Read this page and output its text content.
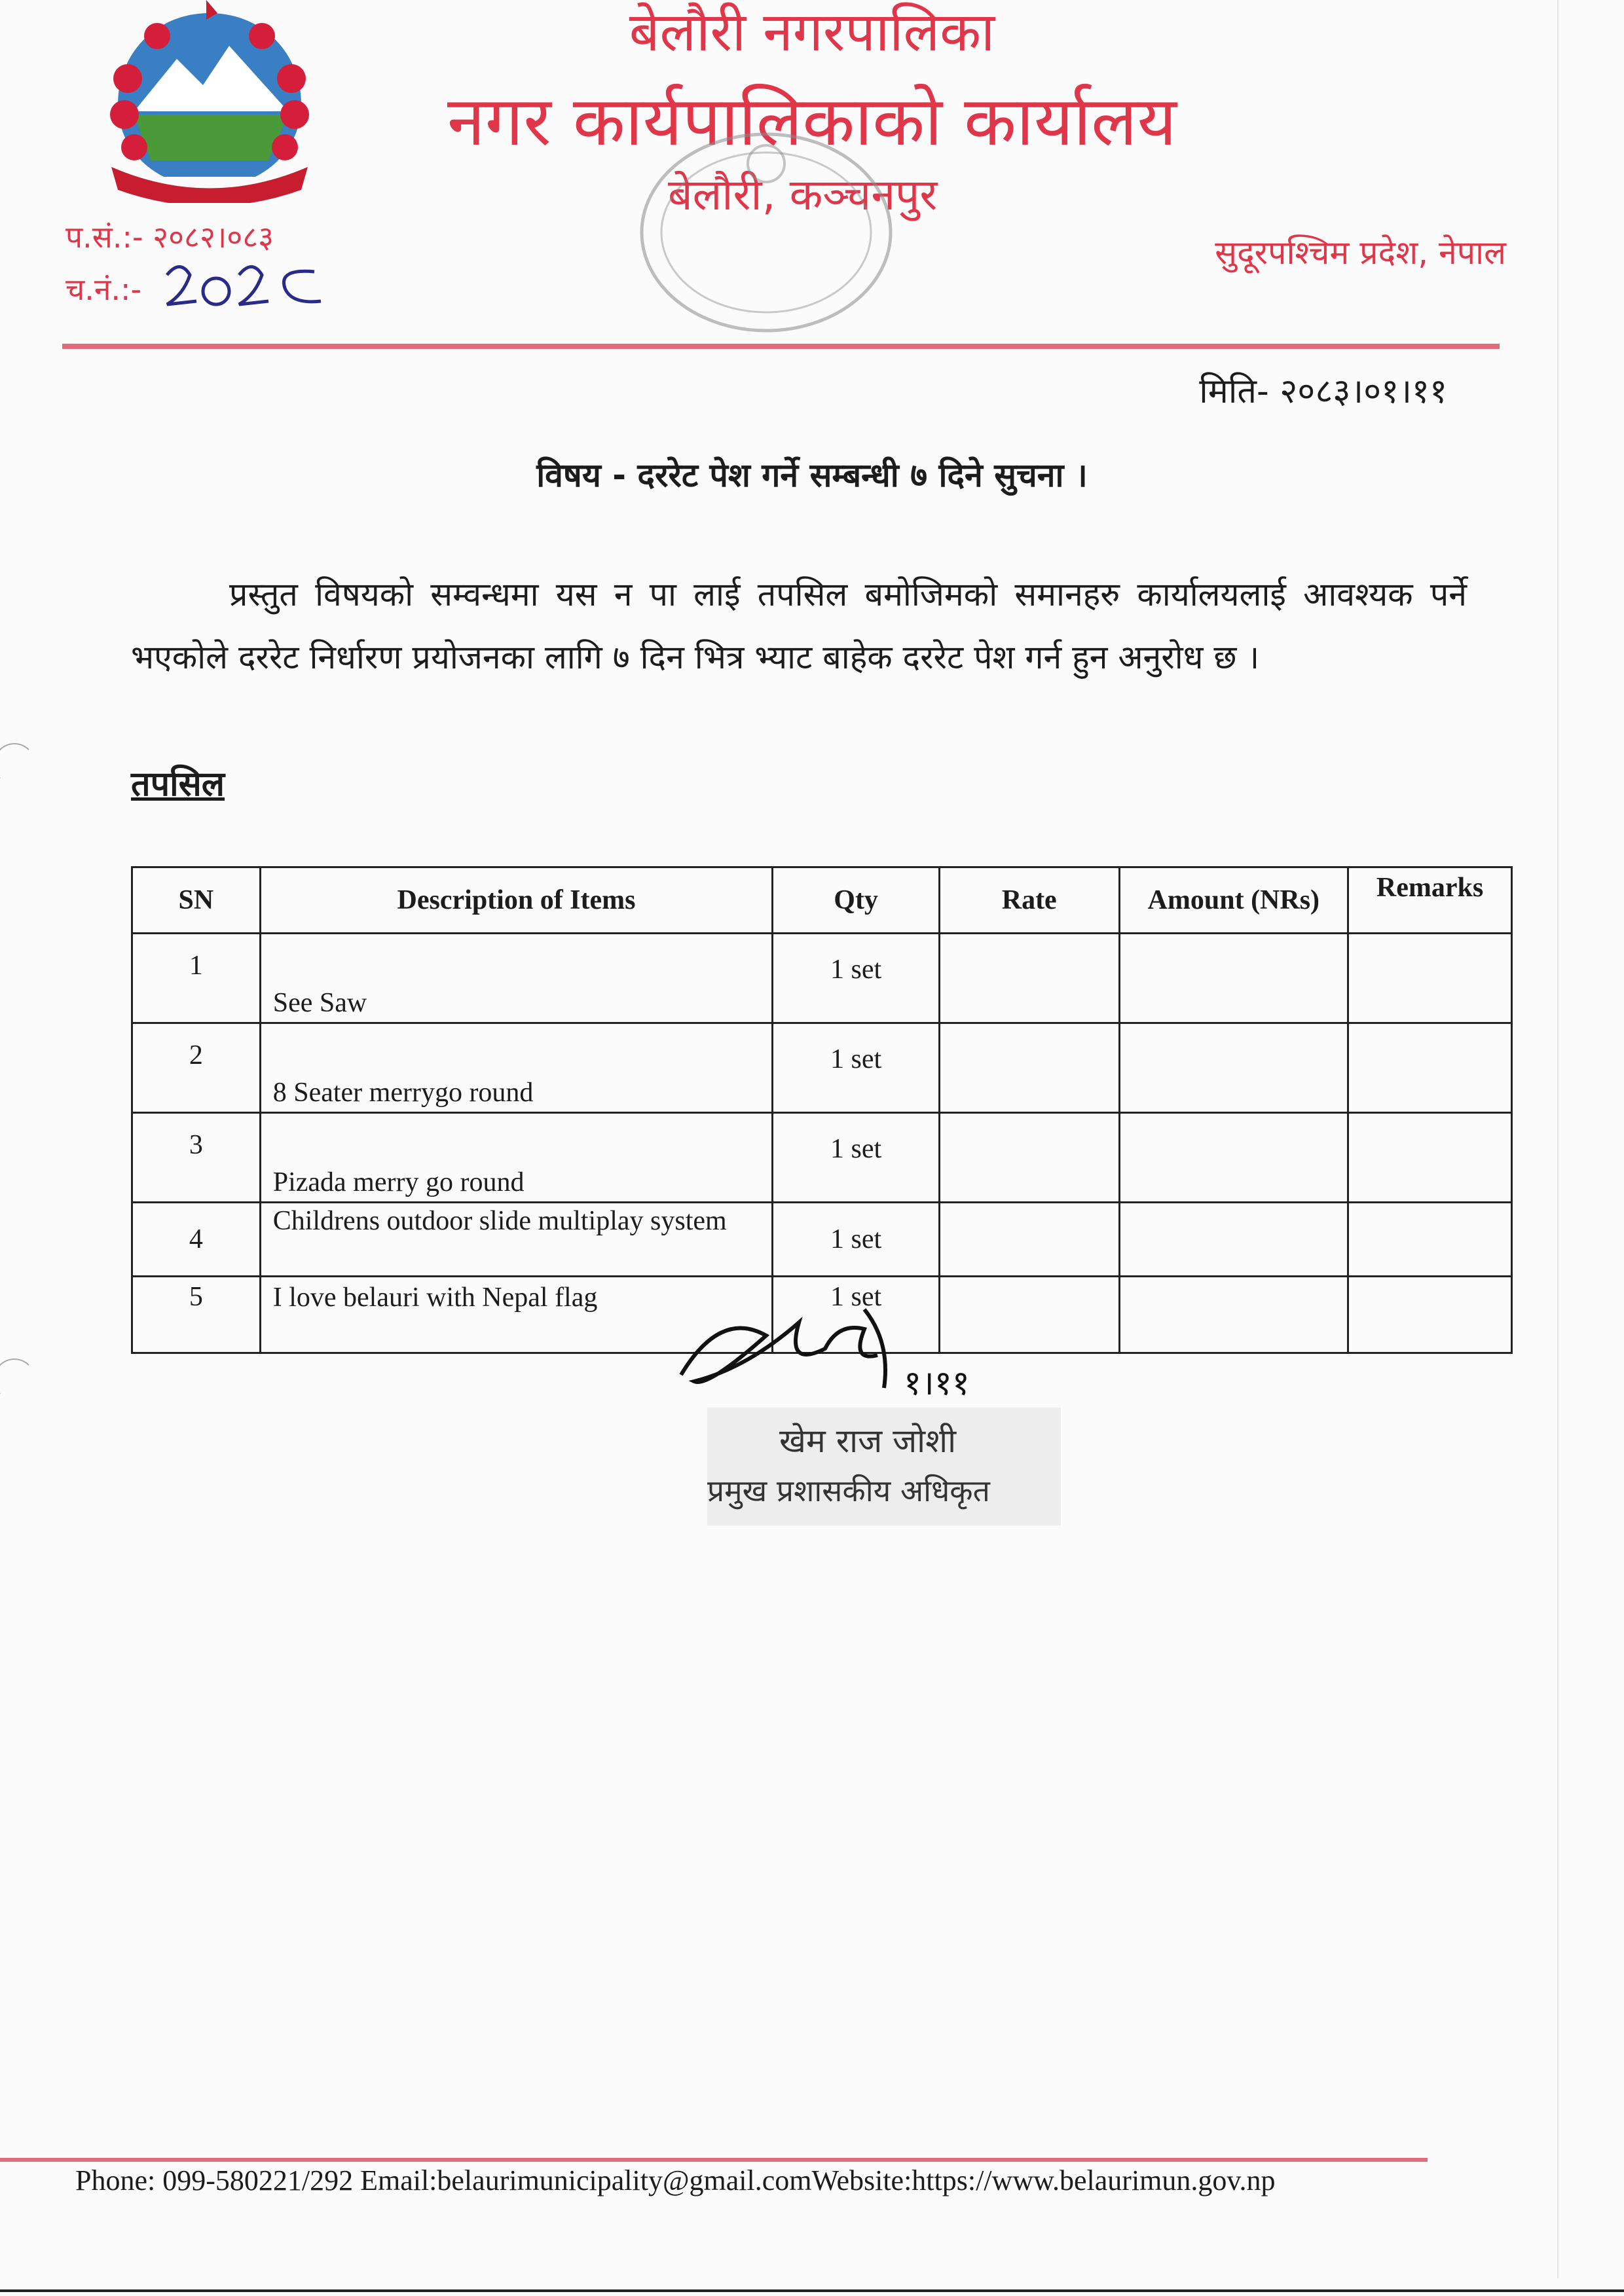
बेलौरी नगरपालिका
नगर कार्यपालिकाको कार्यालय
बेलौरी, कञ्चनपुर
सुदूरपश्चिम प्रदेश, नेपाल
प.सं.:- २०८२।०८३
च.नं.:-
मिति- २०८३।०१।११
विषय - दररेट पेश गर्ने सम्बन्धी ७ दिने सुचना ।
प्रस्तुत विषयको सम्वन्धमा यस न पा लाई तपसिल बमोजिमको समानहरु कार्यालयलाई आवश्यक पर्ने भएकोले दररेट निर्धारण प्रयोजनका लागि ७ दिन भित्र भ्याट बाहेक दररेट पेश गर्न हुन अनुरोध छ ।
तपसिल
SN	Description of Items	Qty	Rate	Amount (NRs)	Remarks
1	See Saw	1 set			
2	8 Seater merrygo round	1 set			
3	Pizada merry go round	1 set			
4	Childrens outdoor slide multiplay system	1 set			
5	I love belauri with Nepal flag	1 set			
१।११
खेम राज जोशी
प्रमुख प्रशासकीय अधिकृत
Phone: 099-580221/292 Email:belaurimunicipality@gmail.comWebsite:https://www.belaurimun.gov.np
